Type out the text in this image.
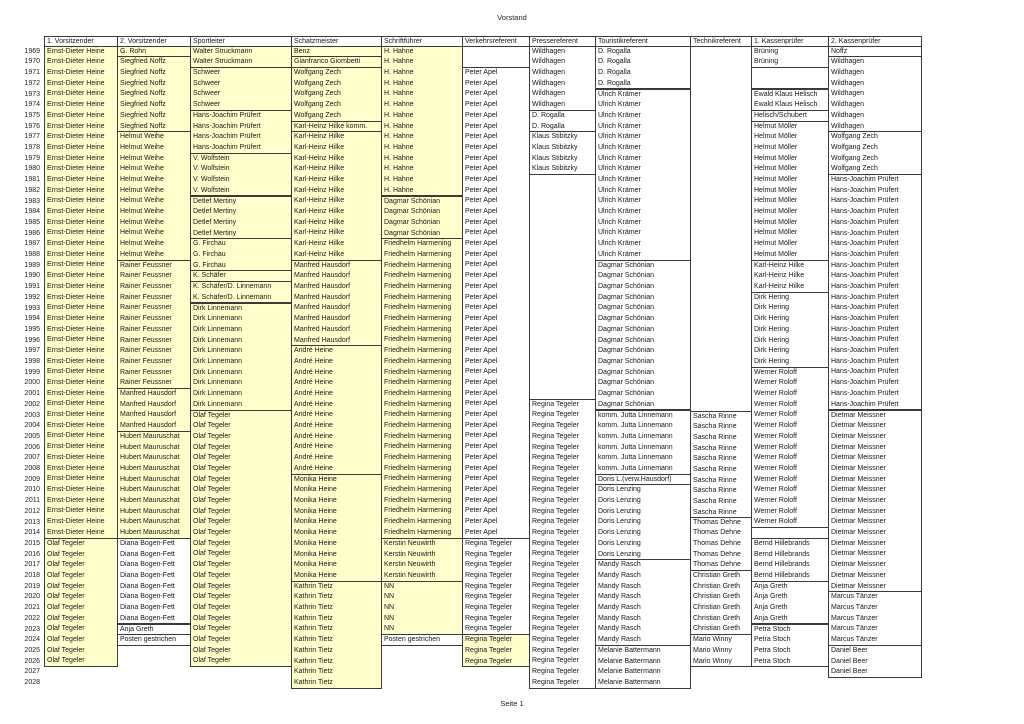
Vorstand
1969
1970
1971
1972
1973
1974
1975
1976
1977
1978
1979
1980
1981
1982
1983
1984
1985
1986
1987
1988
1989
1990
1991
1992
1993
1994
1995
1996
1997
1998
1999
2000
2001
2002
2003
2004
2005
2006
2007
2008
2009
2010
2011
2012
2013
2014
2015
2016
2017
2018
2019
2020
2021
2022
2023
2024
2025
2026
2027
2028
1. Vorsitzender
Ernst-Dieter Heine
Ernst-Dieter Heine
Ernst-Dieter Heine
Ernst-Dieter Heine
Ernst-Dieter Heine
Ernst-Dieter Heine
Ernst-Dieter Heine
Ernst-Dieter Heine
Ernst-Dieter Heine
Ernst-Dieter Heine
Ernst-Dieter Heine
Ernst-Dieter Heine
Ernst-Dieter Heine
Ernst-Dieter Heine
Ernst-Dieter Heine
Ernst-Dieter Heine
Ernst-Dieter Heine
Ernst-Dieter Heine
Ernst-Dieter Heine
Ernst-Dieter Heine
Ernst-Dieter Heine
Ernst-Dieter Heine
Ernst-Dieter Heine
Ernst-Dieter Heine
Ernst-Dieter Heine
Ernst-Dieter Heine
Ernst-Dieter Heine
Ernst-Dieter Heine
Ernst-Dieter Heine
Ernst-Dieter Heine
Ernst-Dieter Heine
Ernst-Dieter Heine
Ernst-Dieter Heine
Ernst-Dieter Heine
Ernst-Dieter Heine
Ernst-Dieter Heine
Ernst-Dieter Heine
Ernst-Dieter Heine
Ernst-Dieter Heine
Ernst-Dieter Heine
Ernst-Dieter Heine
Ernst-Dieter Heine
Ernst-Dieter Heine
Ernst-Dieter Heine
Ernst-Dieter Heine
Ernst-Dieter Heine
Olaf Tegeler
Olaf Tegeler
Olaf Tegeler
Olaf Tegeler
Olaf Tegeler
Olaf Tegeler
Olaf Tegeler
Olaf Tegeler
Olaf Tegeler
Olaf Tegeler
Olaf Tegeler
Olaf Tegeler
2. Vorsitzender
G. Rohn
Siegfried Noffz
Siegfried Noffz
Siegfried Noffz
Siegfried Noffz
Siegfried Noffz
Siegfried Noffz
Siegfried Noffz
Helmut Weihe
Helmut Weihe
Helmut Weihe
Helmut Weihe
Helmut Weihe
Helmut Weihe
Helmut Weihe
Helmut Weihe
Helmut Weihe
Helmut Weihe
Helmut Weihe
Helmut Weihe
Rainer Feussner
Rainer Feussner
Rainer Feussner
Rainer Feussner
Rainer Feussner
Rainer Feussner
Rainer Feussner
Rainer Feussner
Rainer Feussner
Rainer Feussner
Rainer Feussner
Rainer Feussner
Manfred Hausdorf
Manfred Hausdorf
Manfred Hausdorf
Manfred Hausdorf
Hubert Mauruschat
Hubert Mauruschat
Hubert Mauruschat
Hubert Mauruschat
Hubert Mauruschat
Hubert Mauruschat
Hubert Mauruschat
Hubert Mauruschat
Hubert Mauruschat
Hubert Mauruschat
Diana Bogen-Fett
Diana Bogen-Fett
Diana Bogen-Fett
Diana Bogen-Fett
Diana Bogen-Fett
Diana Bogen-Fett
Diana Bogen-Fett
Diana Bogen-Fett
Anja Greth
Posten gestrichen
Sportleiter
Walter Struckmann
Walter Struckmann
Schweer
Schweer
Schweer
Schweer
Hans-Joachim Prüfert
Hans-Joachim Prüfert
Hans-Joachim Prüfert
Hans-Joachim Prüfert
V. Wolfstein
V. Wolfstein
V. Wolfstein
V. Wolfstein
Detlef Mertiny
Detlef Mertiny
Detlef Mertiny
Detlef Mertiny
G. Firchau
G. Firchau
G. Firchau
K. Schäfer
K. Schäfer/D. Linnemann
K. Schäfer/D. Linnemann
Dirk Linnemann
Dirk Linnemann
Dirk Linnemann
Dirk Linnemann
Dirk Linnemann
Dirk Linnemann
Dirk Linnemann
Dirk Linnemann
Dirk Linnemann
Dirk Linnemann
Olaf Tegeler
Olaf Tegeler
Olaf Tegeler
Olaf Tegeler
Olaf Tegeler
Olaf Tegeler
Olaf Tegeler
Olaf Tegeler
Olaf Tegeler
Olaf Tegeler
Olaf Tegeler
Olaf Tegeler
Olaf Tegeler
Olaf Tegeler
Olaf Tegeler
Olaf Tegeler
Olaf Tegeler
Olaf Tegeler
Olaf Tegeler
Olaf Tegeler
Olaf Tegeler
Olaf Tegeler
Olaf Tegeler
Olaf Tegeler
Schatzmeister
Benz
Gianfranco Giombetti
Wolfgang Zech
Wolfgang Zech
Wolfgang Zech
Wolfgang Zech
Wolfgang Zech
Karl-Heinz Hilke komm.
Karl-Heinz Hilke
Karl-Heinz Hilke
Karl-Heinz Hilke
Karl-Heinz Hilke
Karl-Heinz Hilke
Karl-Heinz Hilke
Karl-Heinz Hilke
Karl-Heinz Hilke
Karl-Heinz Hilke
Karl-Heinz Hilke
Karl-Heinz Hilke
Karl-Heinz Hilke
Manfred Hausdorf
Manfred Hausdorf
Manfred Hausdorf
Manfred Hausdorf
Manfred Hausdorf
Manfred Hausdorf
Manfred Hausdorf
Manfred Hausdorf
André Heine
André Heine
André Heine
André Heine
André Heine
André Heine
André Heine
André Heine
André Heine
André Heine
André Heine
André Heine
Monika Heine
Monika Heine
Monika Heine
Monika Heine
Monika Heine
Monika Heine
Monika Heine
Monika Heine
Monika Heine
Monika Heine
Kathrin Tietz
Kathrin Tietz
Kathrin Tietz
Kathrin Tietz
Kathrin Tietz
Kathrin Tietz
Kathrin Tietz
Kathrin Tietz
Kathrin Tietz
Kathrin Tietz
Schriftführer
H. Hahne
H. Hahne
H. Hahne
H. Hahne
H. Hahne
H. Hahne
H. Hahne
H. Hahne
H. Hahne
H. Hahne
H. Hahne
H. Hahne
H. Hahne
H. Hahne
Dagmar Schönian
Dagmar Schönian
Dagmar Schönian
Dagmar Schönian
Friedhelm Harmening
Friedhelm Harmening
Friedhelm Harmening
Friedhelm Harmening
Friedhelm Harmening
Friedhelm Harmening
Friedhelm Harmening
Friedhelm Harmening
Friedhelm Harmening
Friedhelm Harmening
Friedhelm Harmening
Friedhelm Harmening
Friedhelm Harmening
Friedhelm Harmening
Friedhelm Harmening
Friedhelm Harmening
Friedhelm Harmening
Friedhelm Harmening
Friedhelm Harmening
Friedhelm Harmening
Friedhelm Harmening
Friedhelm Harmening
Friedhelm Harmening
Friedhelm Harmening
Friedhelm Harmening
Friedhelm Harmening
Friedhelm Harmening
Friedhelm Harmening
Kerstin Neuwirth
Kerstin Neuwirth
Kerstin Neuwirth
Kerstin Neuwirth
NN
NN
NN
NN
NN
Posten gestrichen
Verkehrsreferent
Peter Apel
Peter Apel
Peter Apel
Peter Apel
Peter Apel
Peter Apel
Peter Apel
Peter Apel
Peter Apel
Peter Apel
Peter Apel
Peter Apel
Peter Apel
Peter Apel
Peter Apel
Peter Apel
Peter Apel
Peter Apel
Peter Apel
Peter Apel
Peter Apel
Peter Apel
Peter Apel
Peter Apel
Peter Apel
Peter Apel
Peter Apel
Peter Apel
Peter Apel
Peter Apel
Peter Apel
Peter Apel
Peter Apel
Peter Apel
Peter Apel
Peter Apel
Peter Apel
Peter Apel
Peter Apel
Peter Apel
Peter Apel
Peter Apel
Peter Apel
Peter Apel
Regina Tegeler
Regina Tegeler
Regina Tegeler
Regina Tegeler
Regina Tegeler
Regina Tegeler
Regina Tegeler
Regina Tegeler
Regina Tegeler
Regina Tegeler
Regina Tegeler
Regina Tegeler
Pressereferent
Wildhagen
Wildhagen
Wildhagen
Wildhagen
Wildhagen
Wildhagen
D. Rogalla
D. Rogalla
Klaus Stibitzky
Klaus Stibitzky
Klaus Stibitzky
Klaus Stibitzky
Regina Tegeler
Regina Tegeler
Regina Tegeler
Regina Tegeler
Regina Tegeler
Regina Tegeler
Regina Tegeler
Regina Tegeler
Regina Tegeler
Regina Tegeler
Regina Tegeler
Regina Tegeler
Regina Tegeler
Regina Tegeler
Regina Tegeler
Regina Tegeler
Regina Tegeler
Regina Tegeler
Regina Tegeler
Regina Tegeler
Regina Tegeler
Regina Tegeler
Regina Tegeler
Regina Tegeler
Regina Tegeler
Regina Tegeler
Regina Tegeler
Touristikreferent
D. Rogalla
D. Rogalla
D. Rogalla
D. Rogalla
Ulrich Krämer
Ulrich Krämer
Ulrich Krämer
Ulrich Krämer
Ulrich Krämer
Ulrich Krämer
Ulrich Krämer
Ulrich Krämer
Ulrich Krämer
Ulrich Krämer
Ulrich Krämer
Ulrich Krämer
Ulrich Krämer
Ulrich Krämer
Ulrich Krämer
Ulrich Krämer
Dagmar Schönian
Dagmar Schönian
Dagmar Schönian
Dagmar Schönian
Dagmar Schönian
Dagmar Schönian
Dagmar Schönian
Dagmar Schönian
Dagmar Schönian
Dagmar Schönian
Dagmar Schönian
Dagmar Schönian
Dagmar Schönian
Dagmar Schönian
komm. Jutta Linnemann
komm. Jutta Linnemann
komm. Jutta Linnemann
komm. Jutta Linnemann
komm. Jutta Linnemann
komm. Jutta Linnemann
Doris L.(verw.Hausdorf)
Doris Lenzing
Doris Lenzing
Doris Lenzing
Doris Lenzing
Doris Lenzing
Doris Lenzing
Doris Lenzing
Mandy Rasch
Mandy Rasch
Mandy Rasch
Mandy Rasch
Mandy Rasch
Mandy Rasch
Mandy Rasch
Mandy Rasch
Melanie Battermann
Melanie Battermann
Melanie Battermann
Melanie Battermann
Technikreferent
Sascha Rinne
Sascha Rinne
Sascha Rinne
Sascha Rinne
Sascha Rinne
Sascha Rinne
Sascha Rinne
Sascha Rinne
Sascha Rinne
Sascha Rinne
Thomas Dehne
Thomas Dehne
Thomas Dehne
Thomas Dehne
Thomas Dehne
Christian Greth
Christian Greth
Christian Greth
Christian Greth
Christian Greth
Christian Greth
Mario Winny
Mario Winny
Mario Winny
1. Kassenprüfer
Brüning
Brüning
Ewald Klaus Helisch
Ewald Klaus Helisch
Helisch/Schubert
Helmut Möller
Helmut Möller
Helmut Möller
Helmut Möller
Helmut Möller
Helmut Möller
Helmut Möller
Helmut Möller
Helmut Möller
Helmut Möller
Helmut Möller
Helmut Möller
Helmut Möller
Karl-Heinz Hilke
Karl-Heinz Hilke
Karl-Heinz Hilke
Dirk Hering
Dirk Hering
Dirk Hering
Dirk Hering
Dirk Hering
Dirk Hering
Dirk Hering
Werner Roloff
Werner Roloff
Werner Roloff
Werner Roloff
Werner Roloff
Werner Roloff
Werner Roloff
Werner Roloff
Werner Roloff
Werner Roloff
Werner Roloff
Werner Roloff
Werner Roloff
Werner Roloff
Werner Roloff
Bernd Hillebrands
Bernd Hillebrands
Bernd Hillebrands
Bernd Hillebrands
Anja Greth
Anja Greth
Anja Greth
Anja Greth
Petra Stoch
Petra Stoch
Petra Stoch
Petra Stoch
2. Kassenprüfer
Noffz
Wildhagen
Wildhagen
Wildhagen
Wildhagen
Wildhagen
Wildhagen
Wildhagen
Wolfgang Zech
Wolfgang Zech
Wolfgang Zech
Wolfgang Zech
Hans-Joachim Prüfert
Hans-Joachim Prüfert
Hans-Joachim Prüfert
Hans-Joachim Prüfert
Hans-Joachim Prüfert
Hans-Joachim Prüfert
Hans-Joachim Prüfert
Hans-Joachim Prüfert
Hans-Joachim Prüfert
Hans-Joachim Prüfert
Hans-Joachim Prüfert
Hans-Joachim Prüfert
Hans-Joachim Prüfert
Hans-Joachim Prüfert
Hans-Joachim Prüfert
Hans-Joachim Prüfert
Hans-Joachim Prüfert
Hans-Joachim Prüfert
Hans-Joachim Prüfert
Hans-Joachim Prüfert
Hans-Joachim Prüfert
Hans-Joachim Prüfert
Dietmar Meissner
Dietmar Meissner
Dietmar Meissner
Dietmar Meissner
Dietmar Meissner
Dietmar Meissner
Dietmar Meissner
Dietmar Meissner
Dietmar Meissner
Dietmar Meissner
Dietmar Meissner
Dietmar Meissner
Dietmar Meissner
Dietmar Meissner
Dietmar Meissner
Dietmar Meissner
Dietmar Meissner
Marcus Tänzer
Marcus Tänzer
Marcus Tänzer
Marcus Tänzer
Marcus Tänzer
Daniel Beer
Daniel Beer
Daniel Beer
Seite 1
